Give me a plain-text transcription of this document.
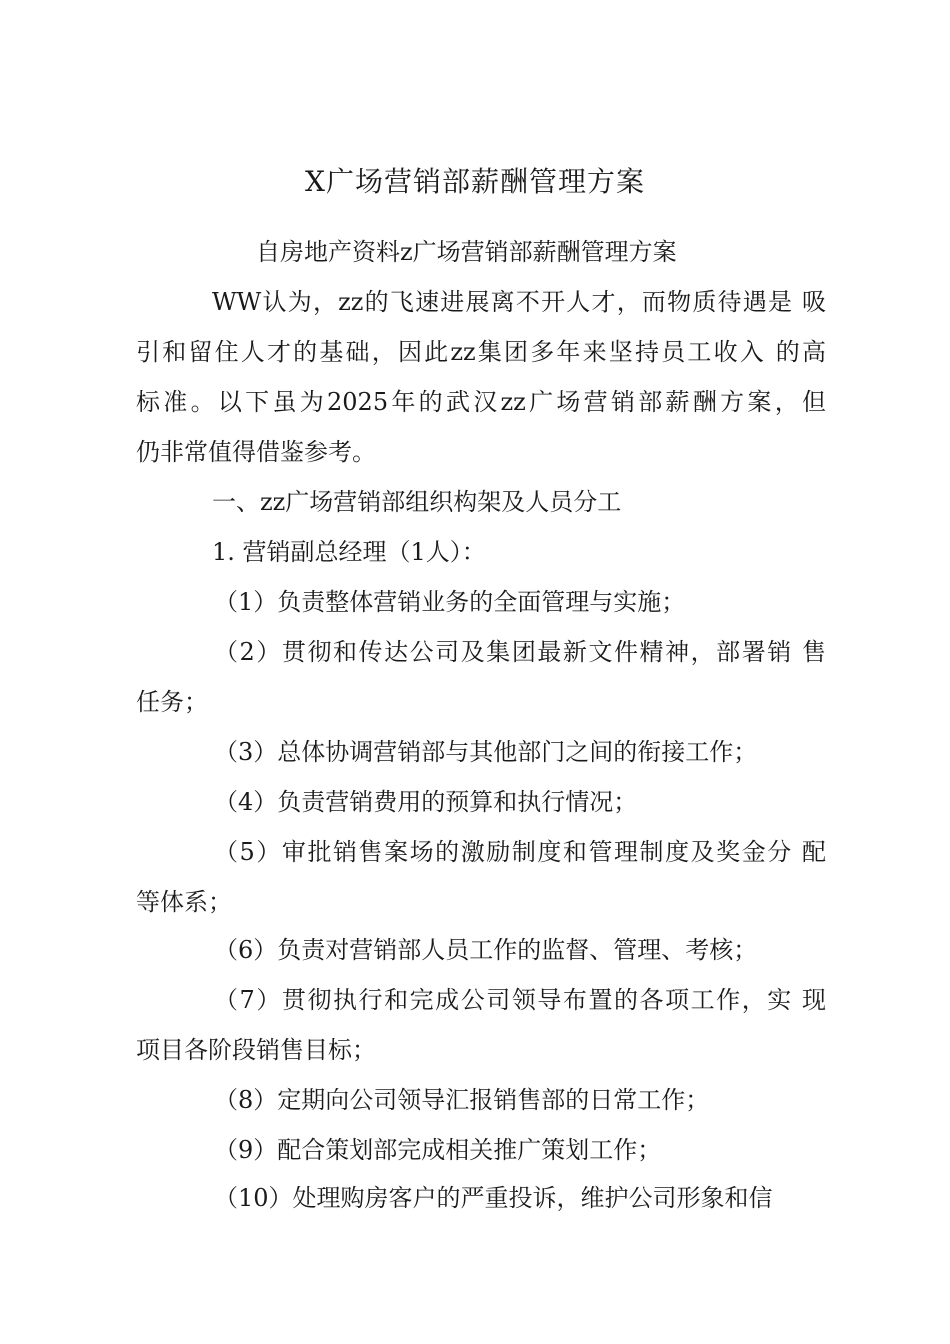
X广场营销部薪酬管理方案
自房地产资料z广场营销部薪酬管理方案
WW认为，zz的飞速进展离不开人才，而物质待遇是 吸
引和留住人才的基础，因此zz集团多年来坚持员工收入 的高
标准。以下虽为2025年的武汉zz广场营销部薪酬方案，但
仍非常值得借鉴参考。
一、zz广场营销部组织构架及人员分工
1. 营销副总经理（1人）：
（1）负责整体营销业务的全面管理与实施；
（2）贯彻和传达公司及集团最新文件精神，部署销 售
任务；
（3）总体协调营销部与其他部门之间的衔接工作；
（4）负责营销费用的预算和执行情况；
（5）审批销售案场的激励制度和管理制度及奖金分 配
等体系；
（6）负责对营销部人员工作的监督、管理、考核；
（7）贯彻执行和完成公司领导布置的各项工作，实 现
项目各阶段销售目标；
（8）定期向公司领导汇报销售部的日常工作；
（9）配合策划部完成相关推广策划工作；
（10）处理购房客户的严重投诉，维护公司形象和信
